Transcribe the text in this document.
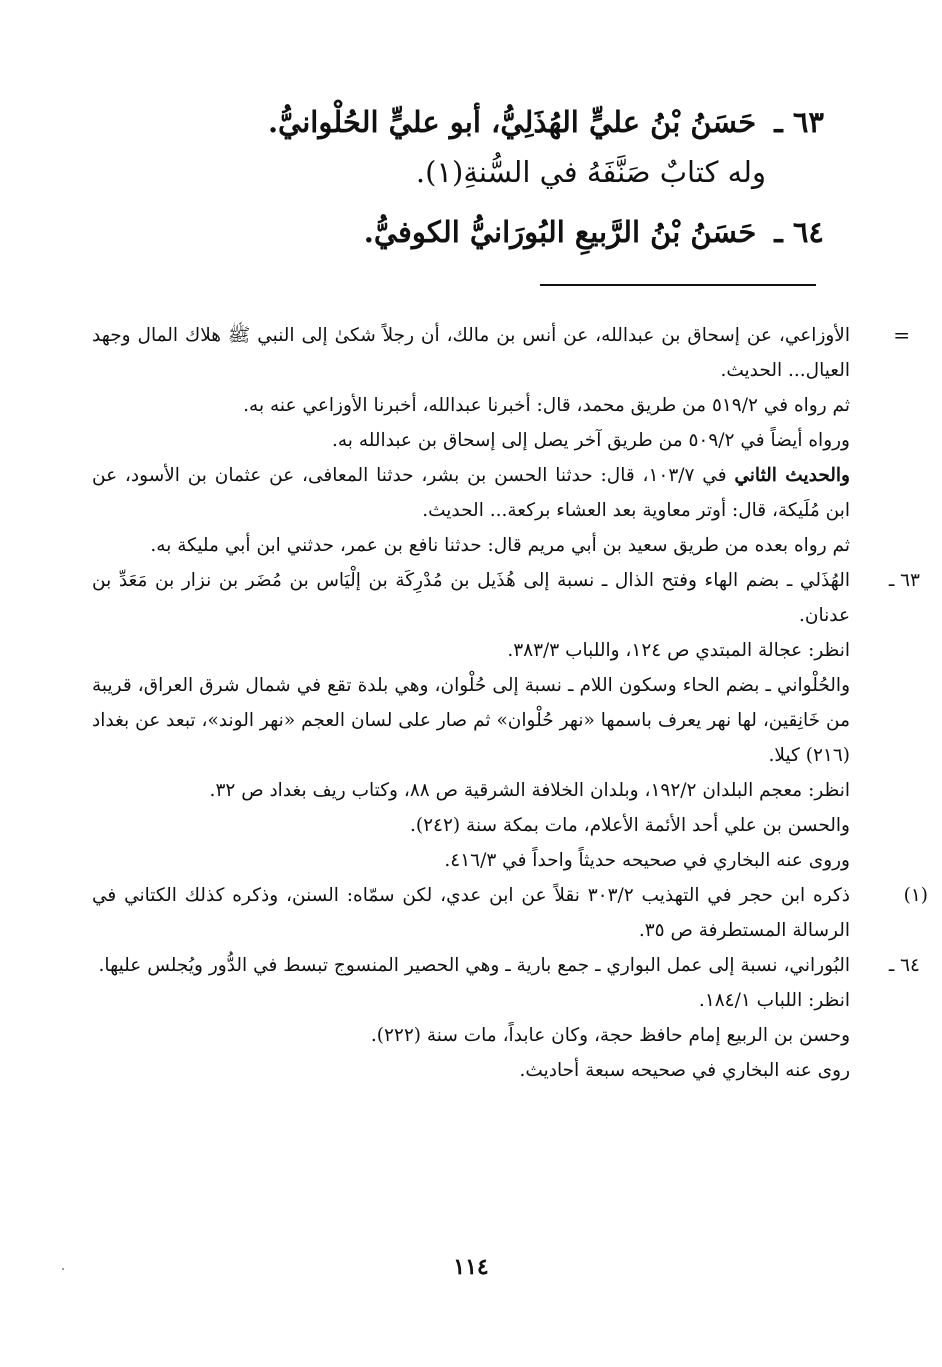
٦٣ ـحَسَنُ بْنُ عليٍّ الهُذَلِيُّ، أبو عليٍّ الحُلْوانيُّ.
وله كتابٌ صَنَّفَهُ في السُّنةِ(١).
٦٤ ـحَسَنُ بْنُ الرَّبيعِ البُورَانيُّ الكوفيُّ.
=

الأوزاعي، عن إسحاق بن عبدالله، عن أنس بن مالك، أن رجلاً شكىٰ إلى النبي ﷺ هلاك المال وجهد العيال... الحديث.

ثم رواه في ٥١٩/٢ من طريق محمد، قال: أخبرنا عبدالله، أخبرنا الأوزاعي عنه به.

ورواه أيضاً في ٥٠٩/٢ من طريق آخر يصل إلى إسحاق بن عبدالله به.

والحديث الثاني في ١٠٣/٧، قال: حدثنا الحسن بن بشر، حدثنا المعافى، عن عثمان بن الأسود، عن ابن مُلَيكة، قال: أوتر معاوية بعد العشاء بركعة... الحديث.

ثم رواه بعده من طريق سعيد بن أبي مريم قال: حدثنا نافع بن عمر، حدثني ابن أبي مليكة به.

٦٣ ـ

الهُذَلي ـ بضم الهاء وفتح الذال ـ نسبة إلى هُذَيل بن مُدْرِكَة بن إلْيَاس بن مُضَر بن نزار بن مَعَدِّ بن عدنان.

انظر: عجالة المبتدي ص ١٢٤، واللباب ٣٨٣/٣.

والحُلْواني ـ بضم الحاء وسكون اللام ـ نسبة إلى حُلْوان، وهي بلدة تقع في شمال شرق العراق، قريبة من خَانِقين، لها نهر يعرف باسمها «نهر حُلْوان» ثم صار على لسان العجم «نهر الوند»، تبعد عن بغداد (٢١٦) كيلا.

انظر: معجم البلدان ١٩٢/٢، وبلدان الخلافة الشرقية ص ٨٨، وكتاب ريف بغداد ص ٣٢.

والحسن بن علي أحد الأئمة الأعلام، مات بمكة سنة (٢٤٢).

وروى عنه البخاري في صحيحه حديثاً واحداً في ٤١٦/٣.

(١)

ذكره ابن حجر في التهذيب ٣٠٣/٢ نقلاً عن ابن عدي، لكن سمّاه: السنن، وذكره كذلك الكتاني في الرسالة المستطرفة ص ٣٥.

٦٤ ـ

البُوراني، نسبة إلى عمل البواري ـ جمع بارية ـ وهي الحصير المنسوج تبسط في الدُّور ويُجلس عليها.

انظر: اللباب ١٨٤/١.

وحسن بن الربيع إمام حافظ حجة، وكان عابداً، مات سنة (٢٢٢).

روى عنه البخاري في صحيحه سبعة أحاديث.

١١٤
